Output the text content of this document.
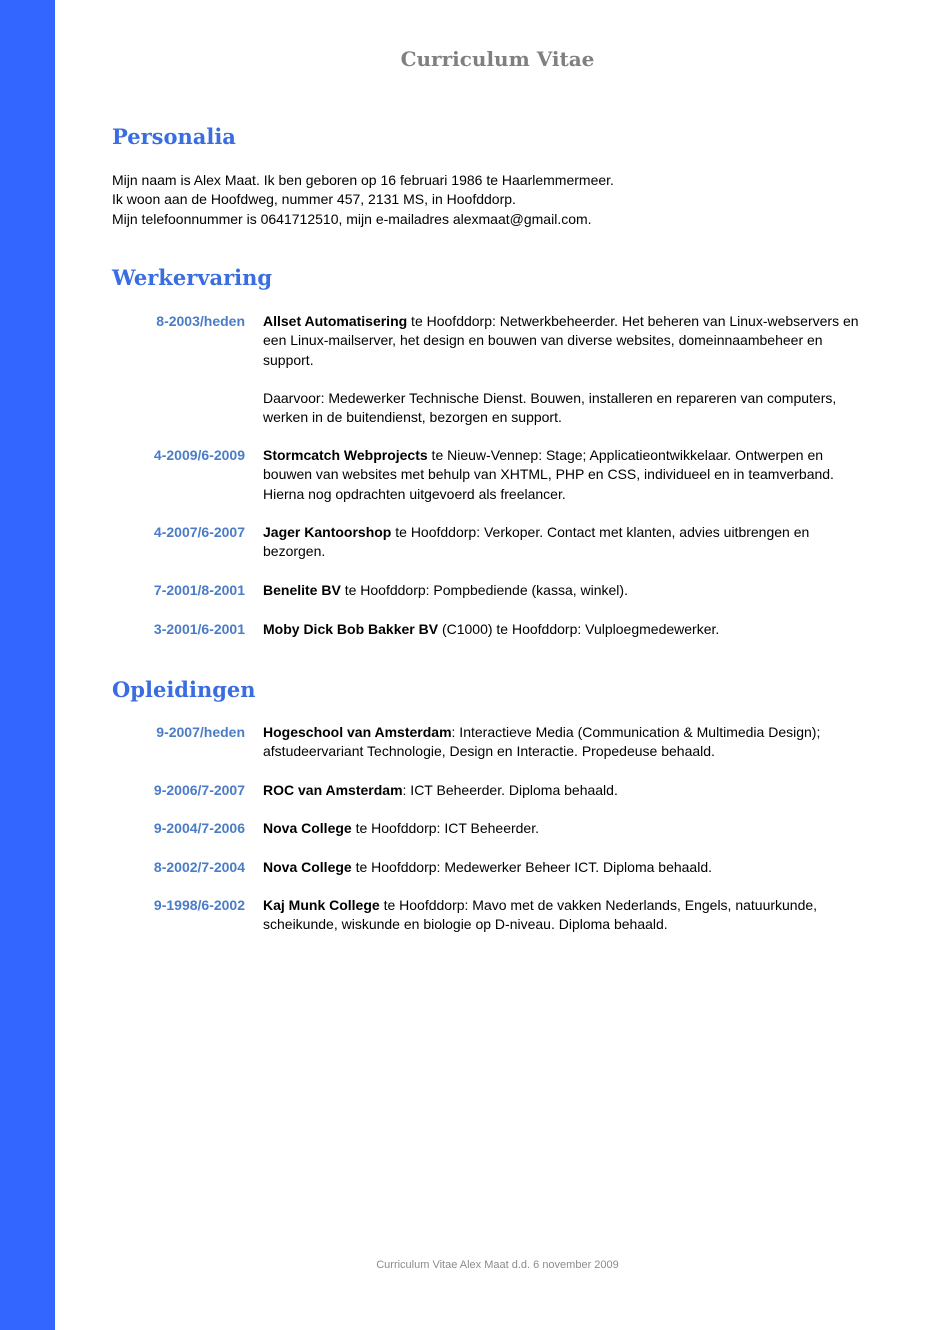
Curriculum Vitae
Personalia
Mijn naam is Alex Maat. Ik ben geboren op 16 februari 1986 te Haarlemmermeer.
Ik woon aan de Hoofdweg, nummer 457, 2131 MS, in Hoofddorp.
Mijn telefoonnummer is 0641712510, mijn e-mailadres alexmaat@gmail.com.
Werkervaring
8-2003/heden Allset Automatisering te Hoofddorp: Netwerkbeheerder. Het beheren van Linux-webservers en een Linux-mailserver, het design en bouwen van diverse websites, domeinnaambeheer en support.

Daarvoor: Medewerker Technische Dienst. Bouwen, installeren en repareren van computers, werken in de buitendienst, bezorgen en support.

4-2009/6-2009 Stormcatch Webprojects te Nieuw-Vennep: Stage; Applicatieontwikkelaar. Ontwerpen en bouwen van websites met behulp van XHTML, PHP en CSS, individueel en in teamverband. Hierna nog opdrachten uitgevoerd als freelancer.

4-2007/6-2007 Jager Kantoorshop te Hoofddorp: Verkoper. Contact met klanten, advies uitbrengen en bezorgen.

7-2001/8-2001 Benelite BV te Hoofddorp: Pompbediende (kassa, winkel).

3-2001/6-2001 Moby Dick Bob Bakker BV (C1000) te Hoofddorp: Vulploegmedewerker.

Opleidingen
9-2007/heden Hogeschool van Amsterdam: Interactieve Media (Communication & Multimedia Design); afstudeervariant Technologie, Design en Interactie. Propedeuse behaald.

9-2006/7-2007 ROC van Amsterdam: ICT Beheerder. Diploma behaald.

9-2004/7-2006 Nova College te Hoofddorp: ICT Beheerder.

8-2002/7-2004 Nova College te Hoofddorp: Medewerker Beheer ICT. Diploma behaald.

9-1998/6-2002 Kaj Munk College te Hoofddorp: Mavo met de vakken Nederlands, Engels, natuurkunde, scheikunde, wiskunde en biologie op D-niveau. Diploma behaald.

Curriculum Vitae Alex Maat d.d. 6 november 2009
